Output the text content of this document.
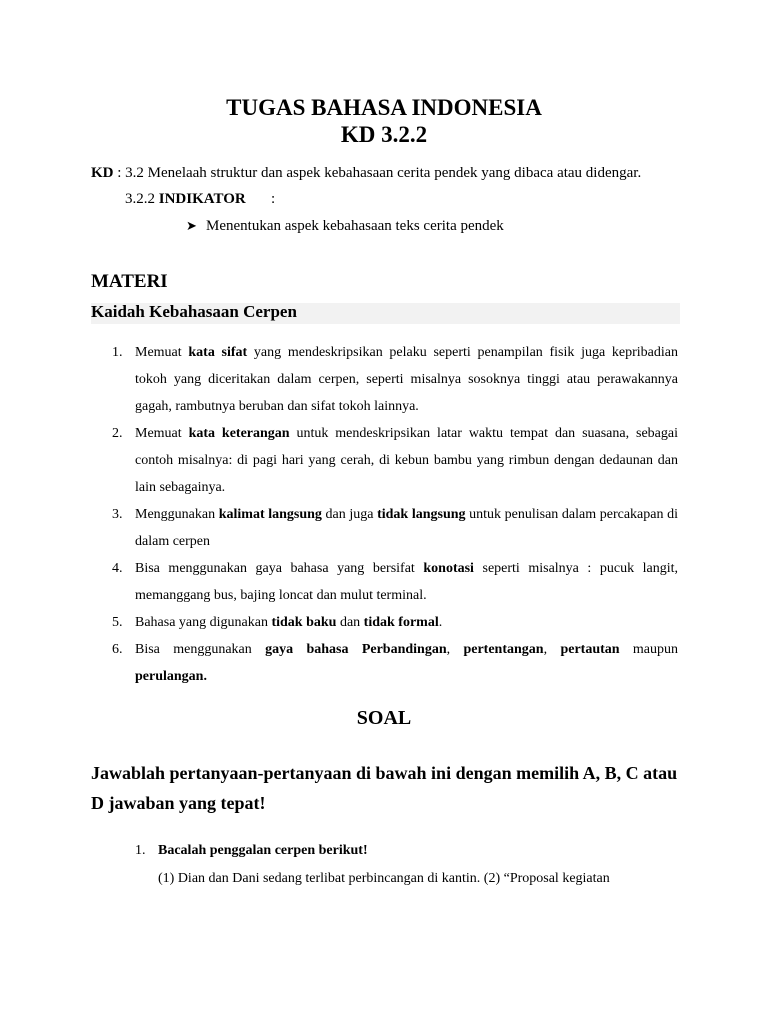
TUGAS BAHASA INDONESIA
KD 3.2.2
KD : 3.2 Menelaah struktur dan aspek kebahasaan cerita pendek yang dibaca atau didengar.
3.2.2 INDIKATOR :
➤ Menentukan aspek kebahasaan teks cerita pendek
MATERI
Kaidah Kebahasaan Cerpen
1. Memuat kata sifat yang mendeskripsikan pelaku seperti penampilan fisik juga kepribadian tokoh yang diceritakan dalam cerpen, seperti misalnya sosoknya tinggi atau perawakannya gagah, rambutnya beruban dan sifat tokoh lainnya.
2. Memuat kata keterangan untuk mendeskripsikan latar waktu tempat dan suasana, sebagai contoh misalnya: di pagi hari yang cerah, di kebun bambu yang rimbun dengan dedaunan dan lain sebagainya.
3. Menggunakan kalimat langsung dan juga tidak langsung untuk penulisan dalam percakapan di dalam cerpen
4. Bisa menggunakan gaya bahasa yang bersifat konotasi seperti misalnya : pucuk langit, memanggang bus, bajing loncat dan mulut terminal.
5. Bahasa yang digunakan tidak baku dan tidak formal.
6. Bisa menggunakan gaya bahasa Perbandingan, pertentangan, pertautan maupun perulangan.
SOAL
Jawablah pertanyaan-pertanyaan di bawah ini dengan memilih A, B, C atau D jawaban yang tepat!
1. Bacalah penggalan cerpen berikut!
(1) Dian dan Dani sedang terlibat perbincangan di kantin. (2) “Proposal kegiatan
